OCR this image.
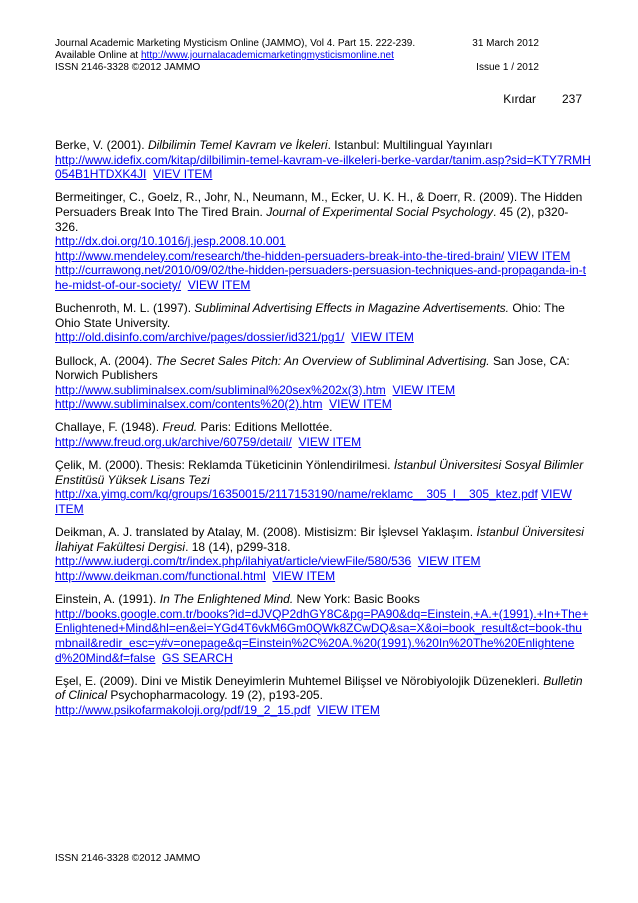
Journal Academic Marketing Mysticism Online (JAMMO), Vol 4. Part 15. 222-239.	31 March 2012
Available Online at http://www.journalacademicmarketingmysticismonline.net
ISSN 2146-3328 ©2012 JAMMO	Issue 1 / 2012
Kırdar 237

Berke, V. (2001). Dilbilimin Temel Kavram ve İkeleri. Istanbul: Multilingual Yayınları

http://www.idefix.com/kitap/dilbilimin-temel-kavram-ve-ilkeleri-berke-vardar/tanim.asp?sid=KTY7RMH054B1HTDXK4JI VIEV ITEM

Bermeitinger, C., Goelz, R., Johr, N., Neumann, M., Ecker, U. K. H., & Doerr, R. (2009). The Hidden Persuaders Break Into The Tired Brain. Journal of Experimental Social Psychology. 45 (2), p320-326.

http://dx.doi.org/10.1016/j.jesp.2008.10.001

http://www.mendeley.com/research/the-hidden-persuaders-break-into-the-tired-brain/ VIEW ITEM

http://currawong.net/2010/09/02/the-hidden-persuaders-persuasion-techniques-and-propaganda-in-the-midst-of-our-society/ VIEW ITEM

Buchenroth, M. L. (1997). Subliminal Advertising Effects in Magazine Advertisements. Ohio: The Ohio State University.

http://old.disinfo.com/archive/pages/dossier/id321/pg1/ VIEW ITEM

Bullock, A. (2004). The Secret Sales Pitch: An Overview of Subliminal Advertising. San Jose, CA: Norwich Publishers

http://www.subliminalsex.com/subliminal%20sex%202x(3).htm VIEW ITEM

http://www.subliminalsex.com/contents%20(2).htm VIEW ITEM

Challaye, F. (1948). Freud. Paris: Editions Mellottée.

http://www.freud.org.uk/archive/60759/detail/ VIEW ITEM

Çelik, M. (2000). Thesis: Reklamda Tüketicinin Yönlendirilmesi. İstanbul Üniversitesi Sosyal Bilimler Enstitüsü Yüksek Lisans Tezi

http://xa.yimg.com/kq/groups/16350015/2117153190/name/reklamc__305_l__305_ktez.pdf VIEW ITEM

Deikman, A. J. translated by Atalay, M. (2008). Mistisizm: Bir İşlevsel Yaklaşım. İstanbul Üniversitesi İlahiyat Fakültesi Dergisi. 18 (14), p299-318.

http://www.iudergi.com/tr/index.php/ilahiyat/article/viewFile/580/536 VIEW ITEM

http://www.deikman.com/functional.html VIEW ITEM

Einstein, A. (1991). In The Enlightened Mind. New York: Basic Books

http://books.google.com.tr/books?id=dJVQP2dhGY8C&pg=PA90&dq=Einstein,+A.+(1991).+In+The+Enlightened+Mind&hl=en&ei=YGd4T6vkM6Gm0QWk8ZCwDQ&sa=X&oi=book_result&ct=book-thumbnail&redir_esc=y#v=onepage&q=Einstein%2C%20A.%20(1991).%20In%20The%20Enlightened%20Mind&f=false GS SEARCH

Eşel, E. (2009). Dini ve Mistik Deneyimlerin Muhtemel Bilişsel ve Nörobiyolojik Düzenekleri. Bulletin of Clinical Psychopharmacology. 19 (2), p193-205.

http://www.psikofarmakoloji.org/pdf/19_2_15.pdf VIEW ITEM

ISSN 2146-3328 ©2012 JAMMO
